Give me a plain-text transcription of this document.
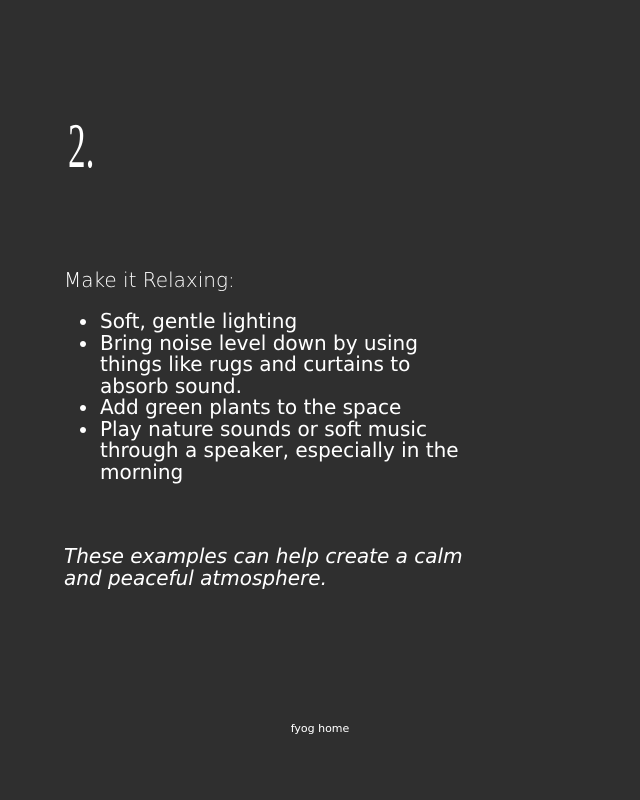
2.
Make it Relaxing:
Soft, gentle lighting
Bring noise level down by using things like rugs and curtains to absorb sound.
Add green plants to the space
Play nature sounds or soft music through a speaker, especially in the morning
These examples can help create a calm and peaceful atmosphere.
fyog home
